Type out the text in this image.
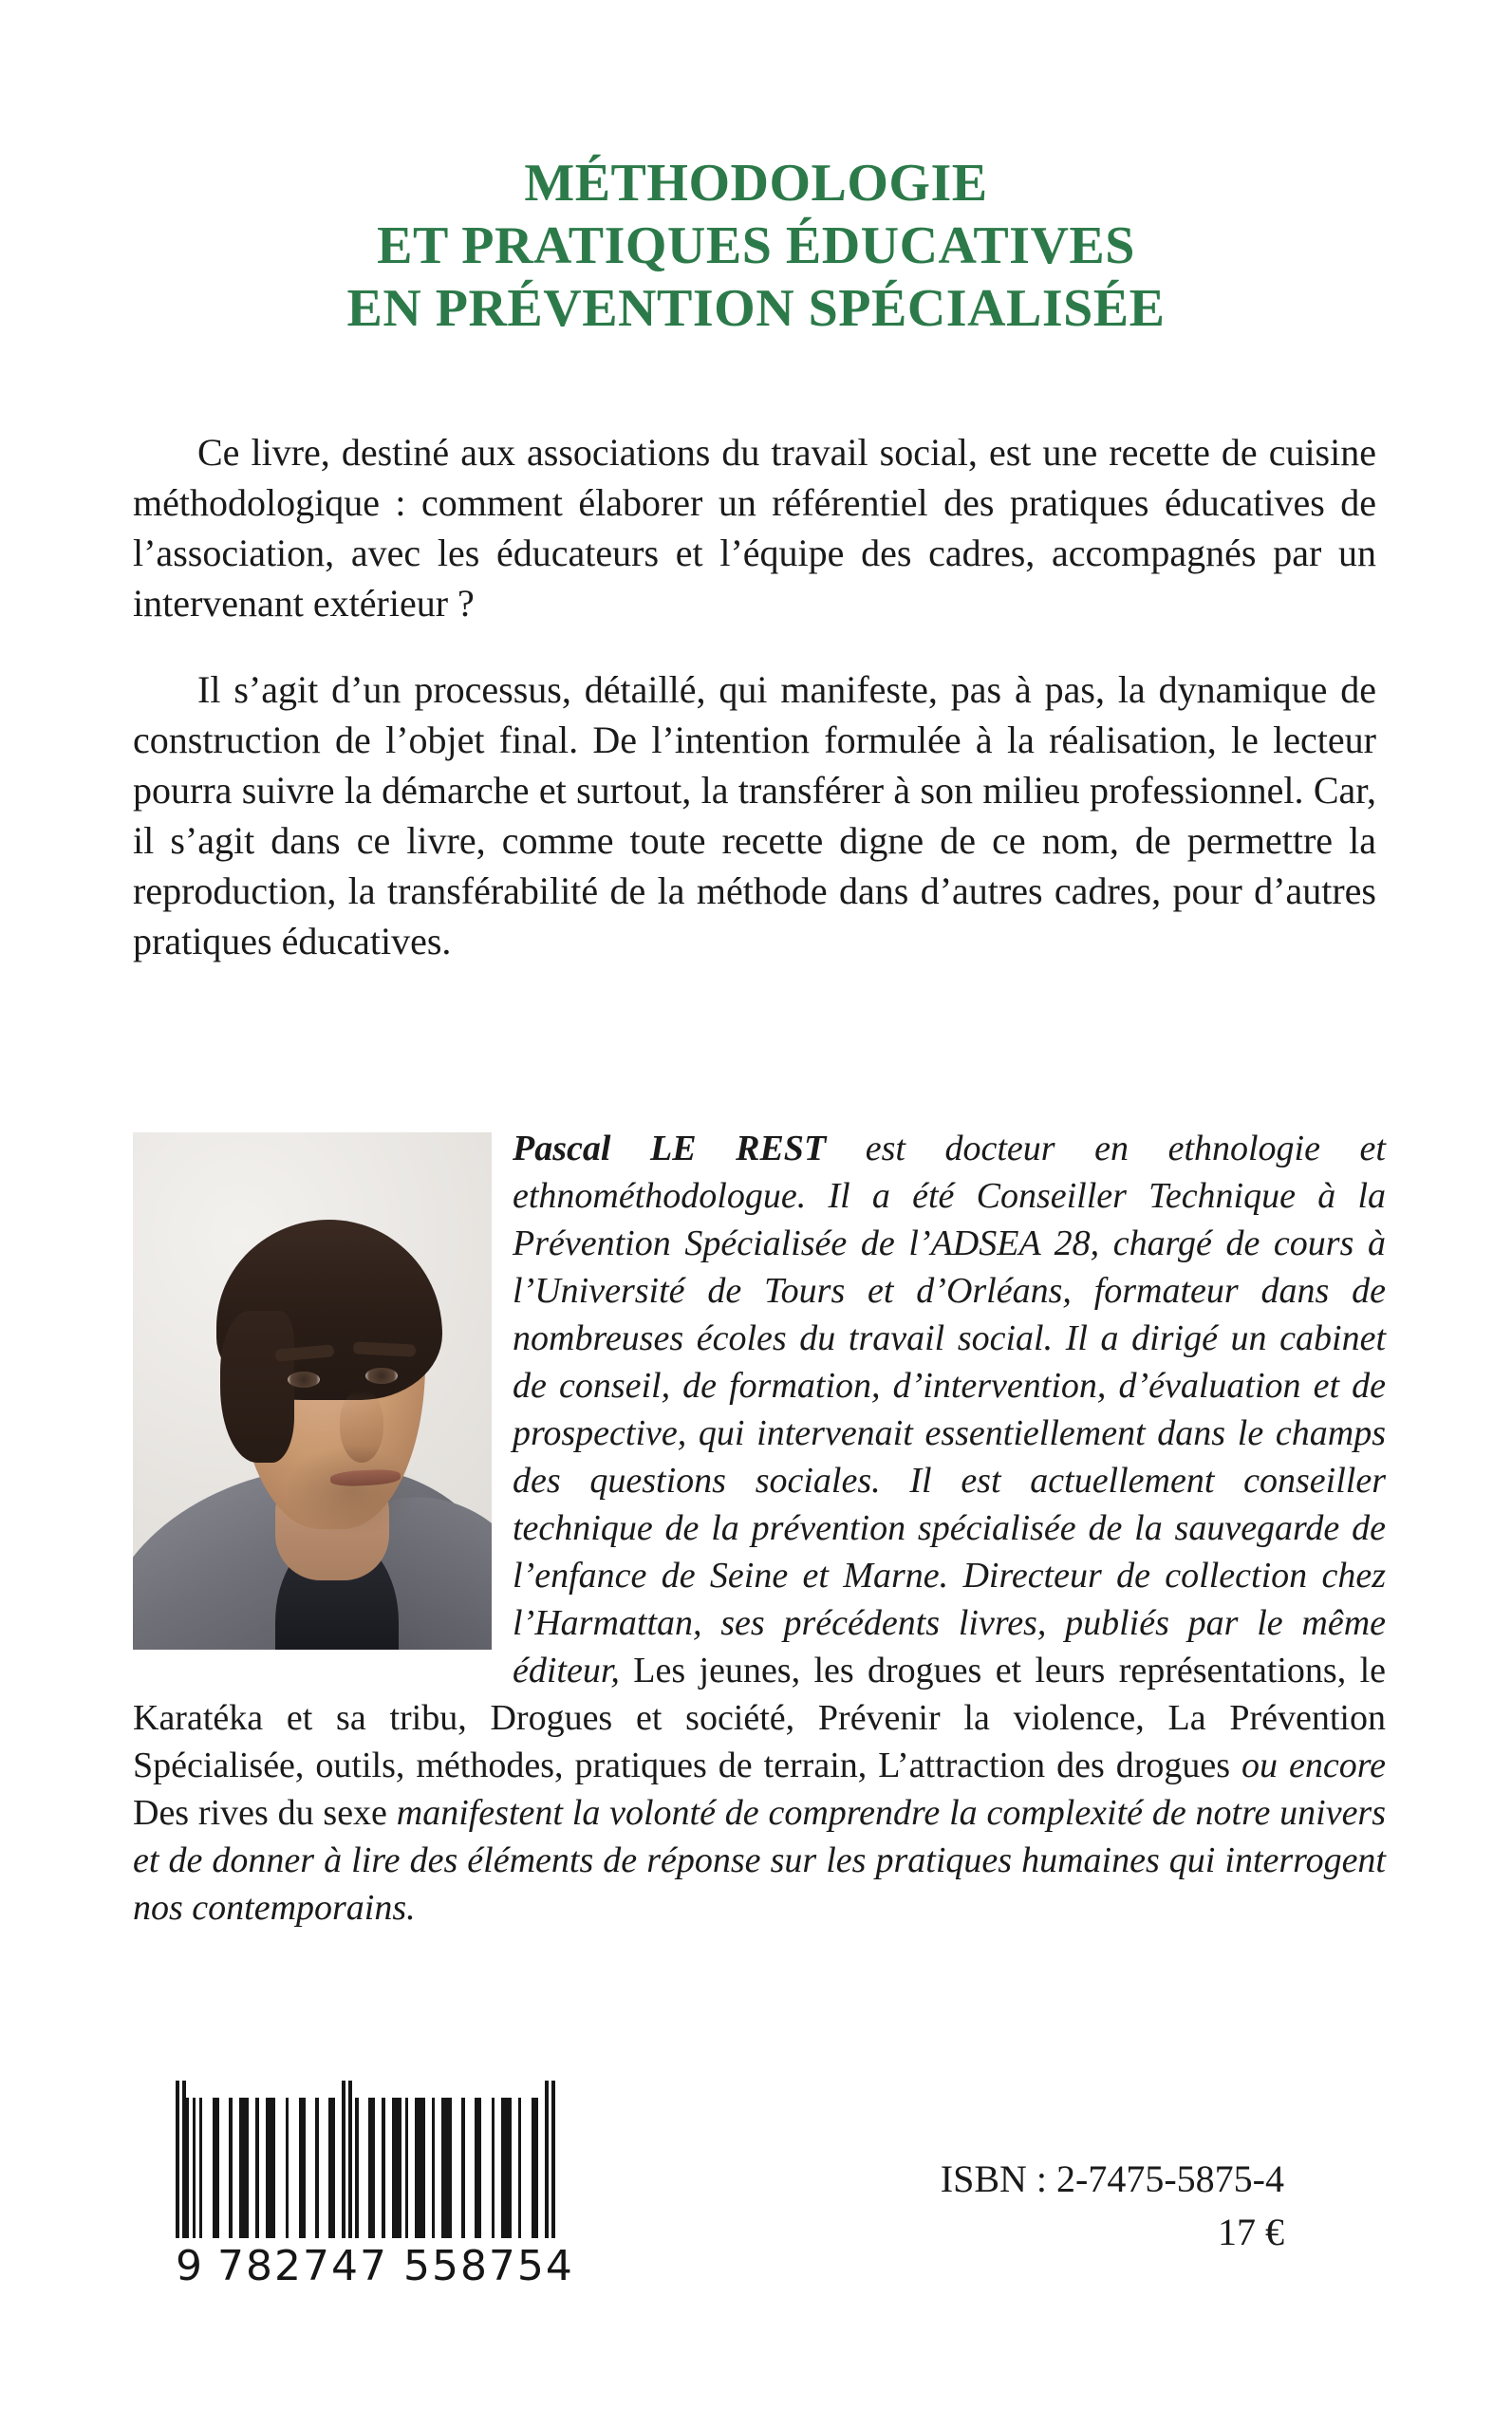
MÉTHODOLOGIE
ET PRATIQUES ÉDUCATIVES
EN PRÉVENTION SPÉCIALISÉE

Ce livre, destiné aux associations du travail social, est une recette de cuisine méthodologique : comment élaborer un référentiel des pratiques éducatives de l’association, avec les éducateurs et l’équipe des cadres, accompagnés par un intervenant extérieur ?

Il s’agit d’un processus, détaillé, qui manifeste, pas à pas, la dynamique de construction de l’objet final. De l’intention formulée à la réalisation, le lecteur pourra suivre la démarche et surtout, la transférer à son milieu professionnel. Car, il s’agit dans ce livre, comme toute recette digne de ce nom, de permettre la reproduction, la transférabilité de la méthode dans d’autres cadres, pour d’autres pratiques éducatives.

Pascal LE REST est docteur en ethnologie et ethnométhodologue. Il a été Conseiller Technique à la Prévention Spécialisée de l’ADSEA 28, chargé de cours à l’Université de Tours et d’Orléans, formateur dans de nombreuses écoles du travail social. Il a dirigé un cabinet de conseil, de formation, d’intervention, d’évaluation et de prospective, qui intervenait essentiellement dans le champs des questions sociales. Il est actuellement conseiller technique de la prévention spécialisée de la sauvegarde de l’enfance de Seine et Marne. Directeur de collection chez l’Harmattan, ses précédents livres, publiés par le même éditeur, Les jeunes, les drogues et leurs représentations, le Karatéka et sa tribu, Drogues et société, Prévenir la violence, La Prévention Spécialisée, outils, méthodes, pratiques de terrain, L’attraction des drogues ou encore Des rives du sexe manifestent la volonté de comprendre la complexité de notre univers et de donner à lire des éléments de réponse sur les pratiques humaines qui interrogent nos contemporains.

9 782747 558754
ISBN : 2-7475-5875-4
17 €
